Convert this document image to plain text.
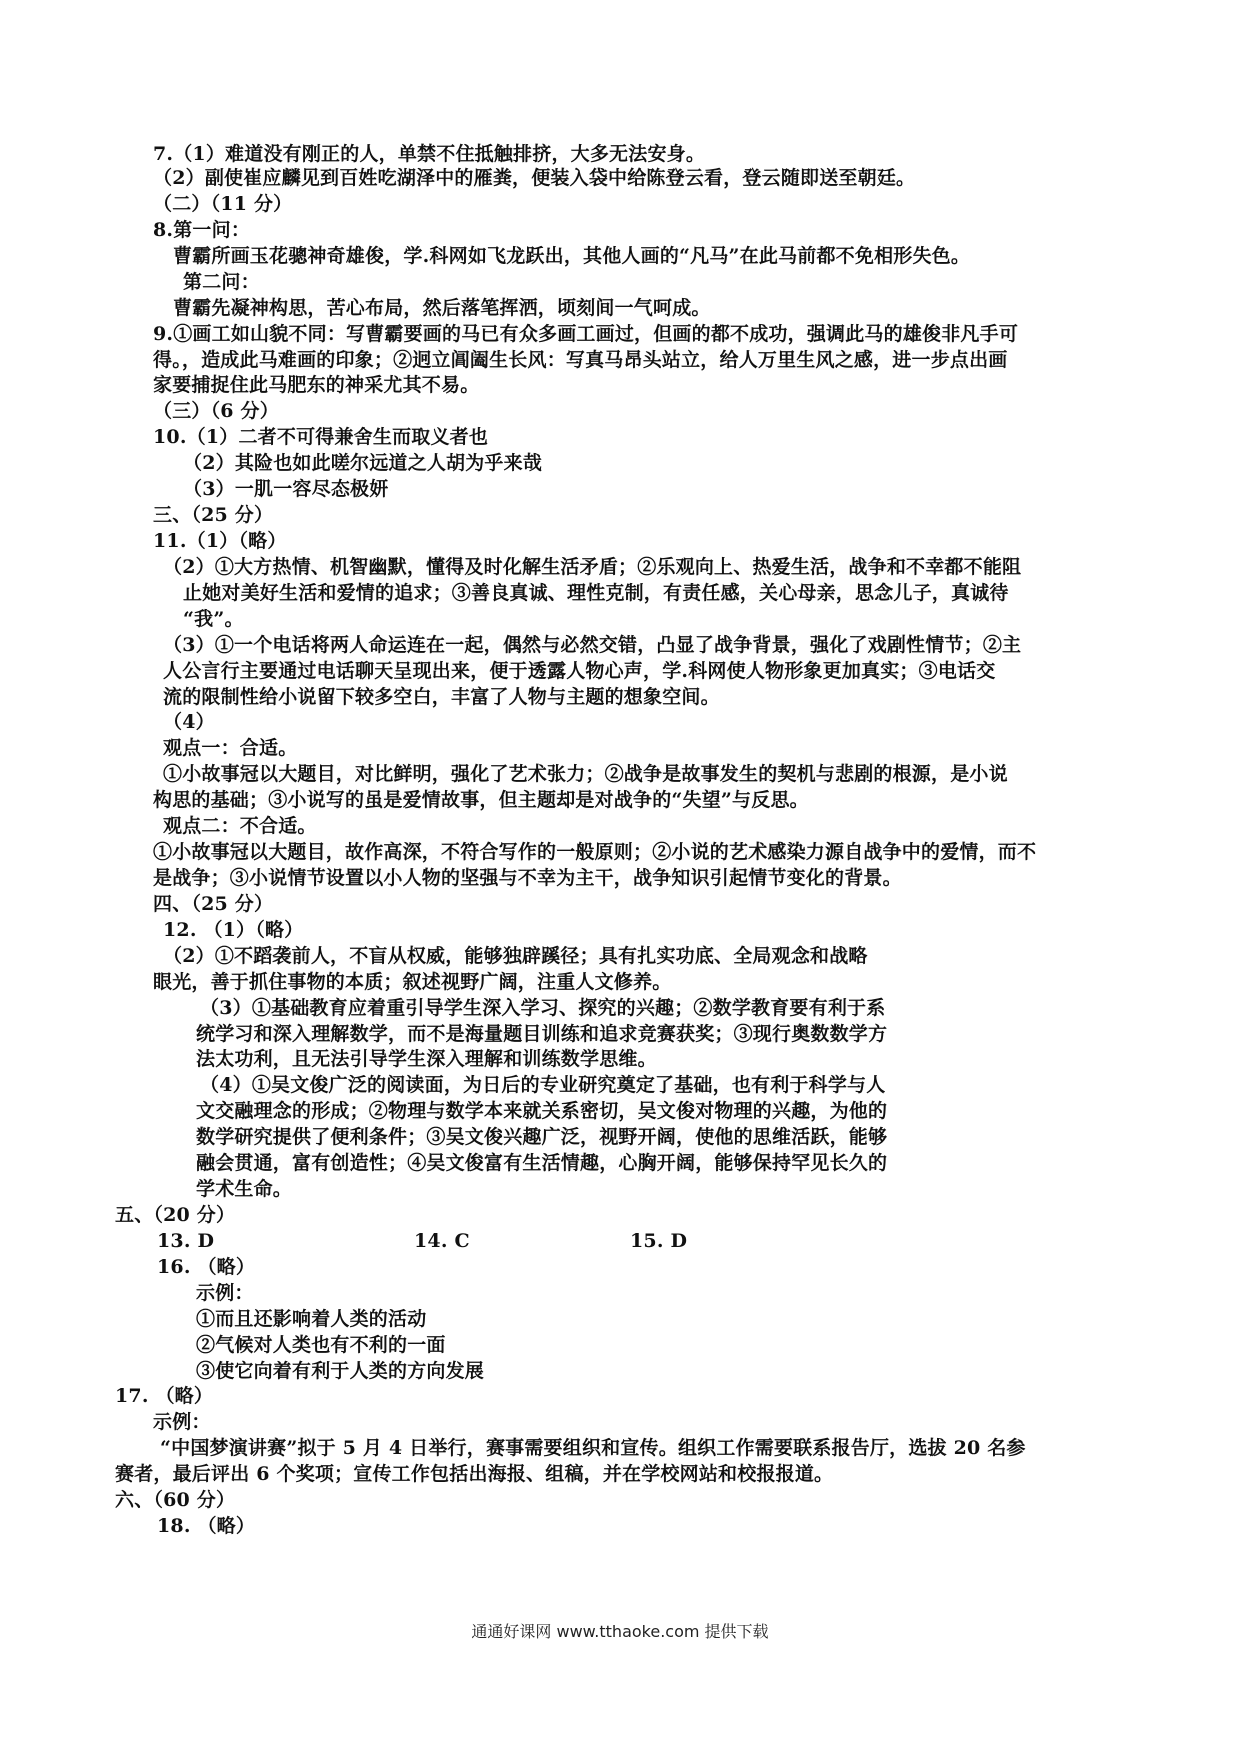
7.（1）难道没有刚正的人，单禁不住抵触排挤，大多无法安身。
（2）副使崔应麟见到百姓吃湖泽中的雁粪，便装入袋中给陈登云看，登云随即送至朝廷。
（二）（11 分）
8.第一问：
曹霸所画玉花骢神奇雄俊，学.科网如飞龙跃出，其他人画的“凡马”在此马前都不免相形失色。
第二问：
曹霸先凝神构思，苦心布局，然后落笔挥洒，顷刻间一气呵成。
9.①画工如山貌不同：写曹霸要画的马已有众多画工画过，但画的都不成功，强调此马的雄俊非凡手可
得。，造成此马难画的印象；②迥立阊阖生长风：写真马昂头站立，给人万里生风之感，进一步点出画
家要捕捉住此马肥东的神采尤其不易。
（三）（6 分）
10.（1）二者不可得兼舍生而取义者也
（2）其险也如此嗟尔远道之人胡为乎来哉
（3）一肌一容尽态极妍
三、（25 分）
11.（1）（略）
（2）①大方热情、机智幽默，懂得及时化解生活矛盾；②乐观向上、热爱生活，战争和不幸都不能阻
止她对美好生活和爱情的追求；③善良真诚、理性克制，有责任感，关心母亲，思念儿子，真诚待
“我”。
（3）①一个电话将两人命运连在一起，偶然与必然交错，凸显了战争背景，强化了戏剧性情节；②主
人公言行主要通过电话聊天呈现出来，便于透露人物心声，学.科网使人物形象更加真实；③电话交
流的限制性给小说留下较多空白，丰富了人物与主题的想象空间。
（4）
观点一：合适。
①小故事冠以大题目，对比鲜明，强化了艺术张力；②战争是故事发生的契机与悲剧的根源，是小说
构思的基础；③小说写的虽是爱情故事，但主题却是对战争的“失望”与反思。
观点二：不合适。
①小故事冠以大题目，故作高深，不符合写作的一般原则；②小说的艺术感染力源自战争中的爱情，而不
是战争；③小说情节设置以小人物的坚强与不幸为主干，战争知识引起情节变化的背景。
四、（25 分）
12. （1）（略）
（2）①不蹈袭前人，不盲从权威，能够独辟蹊径；具有扎实功底、全局观念和战略
眼光，善于抓住事物的本质；叙述视野广阔，注重人文修养。
（3）①基础教育应着重引导学生深入学习、探究的兴趣；②数学教育要有利于系
统学习和深入理解数学，而不是海量题目训练和追求竞赛获奖；③现行奥数数学方
法太功利，且无法引导学生深入理解和训练数学思维。
（4）①吴文俊广泛的阅读面，为日后的专业研究奠定了基础，也有利于科学与人
文交融理念的形成；②物理与数学本来就关系密切，吴文俊对物理的兴趣，为他的
数学研究提供了便利条件；③吴文俊兴趣广泛，视野开阔，使他的思维活跃，能够
融会贯通，富有创造性；④吴文俊富有生活情趣，心胸开阔，能够保持罕见长久的
学术生命。
五、（20 分）
13. D	14. C	15. D
16. （略）
示例：
①而且还影响着人类的活动
②气候对人类也有不利的一面
③使它向着有利于人类的方向发展
17. （略）
示例：
“中国梦演讲赛”拟于 5 月 4 日举行，赛事需要组织和宣传。组织工作需要联系报告厅，选拔 20 名参
赛者，最后评出 6 个奖项；宣传工作包括出海报、组稿，并在学校网站和校报报道。
六、（60 分）
18. （略）
通通好课网 www.tthaoke.com 提供下载
